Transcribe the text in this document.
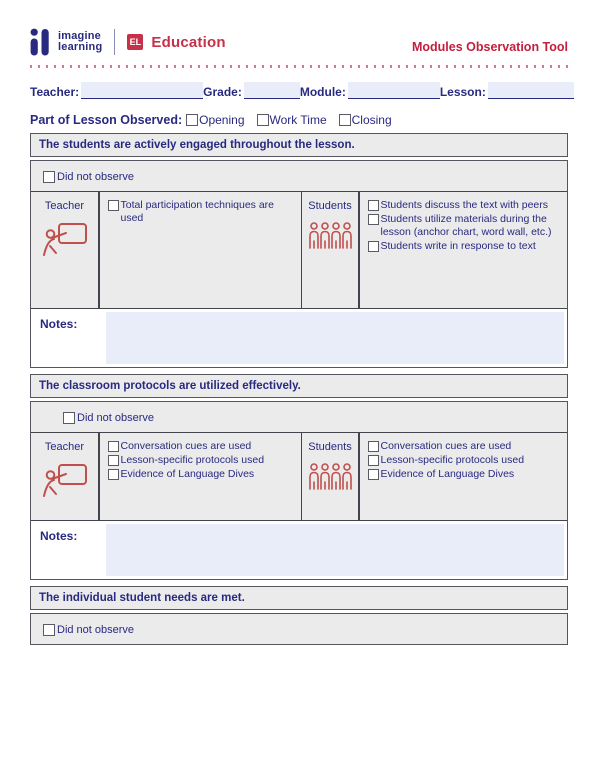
imagine
learning	EL Education	Modules Observation Tool
Teacher:	Grade:	Module:	Lesson:
Part of Lesson Observed: Opening Work Time Closing
The students are actively engaged throughout the lesson.
Did not observe
Teacher	Total participation techniques are used
Students	Students discuss the text with peers
Students utilize materials during the lesson (anchor chart, word wall, etc.)
Students write in response to text
Notes:
The classroom protocols are utilized effectively.
Did not observe
Teacher	Conversation cues are used
Lesson-specific protocols used
Evidence of Language Dives
Students	Conversation cues are used
Lesson-specific protocols used
Evidence of Language Dives
Notes:
The individual student needs are met.
Did not observe
